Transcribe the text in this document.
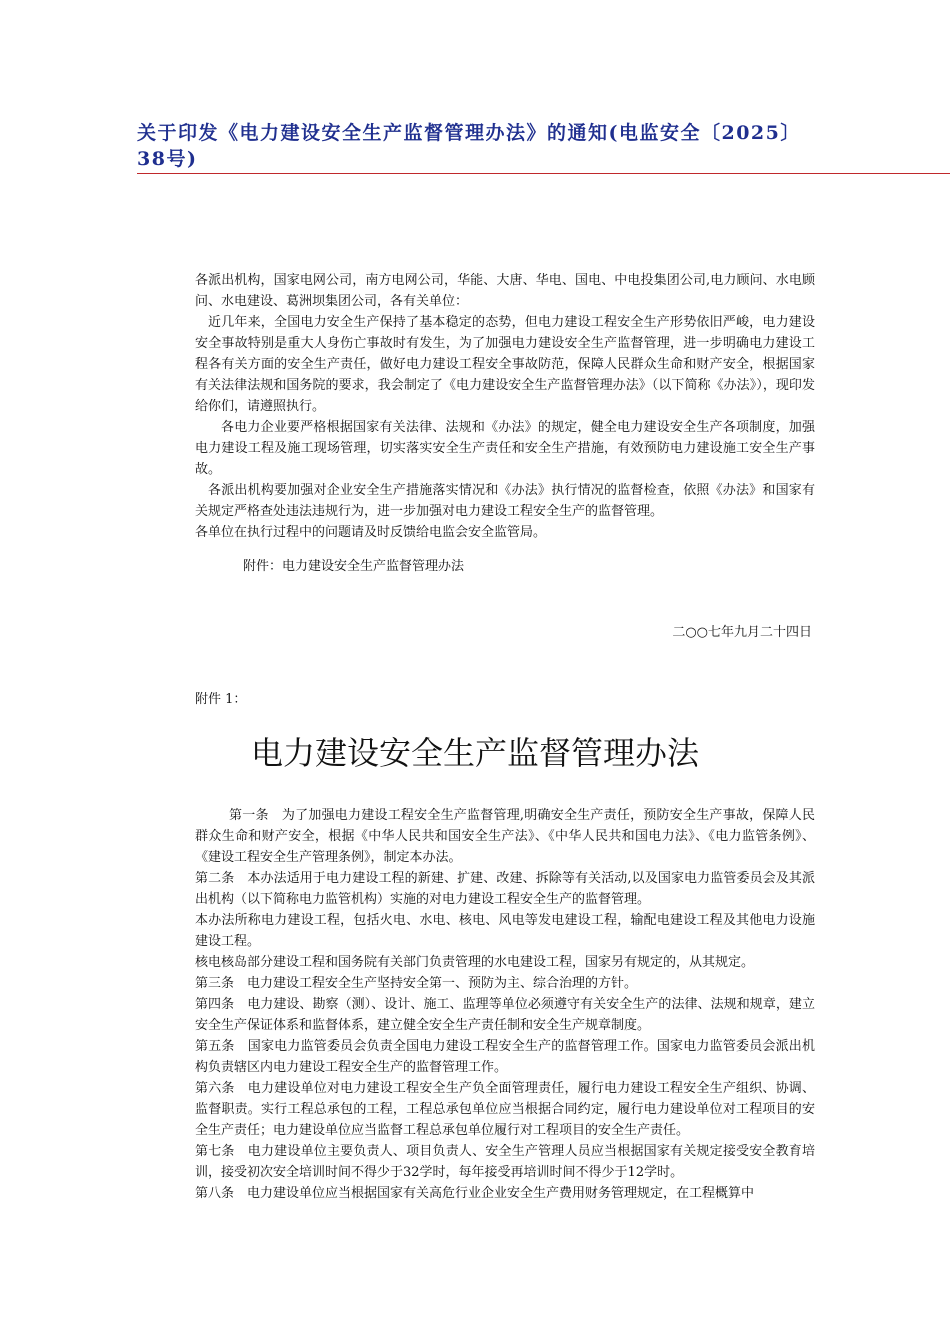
关于印发《电力建设安全生产监督管理办法》的通知(电监安全〔2025〕38号)

各派出机构，国家电网公司，南方电网公司，华能、大唐、华电、国电、中电投集团公司,电力顾问、水电顾问、水电建设、葛洲坝集团公司，各有关单位：

近几年来，全国电力安全生产保持了基本稳定的态势，但电力建设工程安全生产形势依旧严峻，电力建设安全事故特别是重大人身伤亡事故时有发生，为了加强电力建设安全生产监督管理，进一步明确电力建设工程各有关方面的安全生产责任，做好电力建设工程安全事故防范，保障人民群众生命和财产安全，根据国家有关法律法规和国务院的要求，我会制定了《电力建设安全生产监督管理办法》（以下简称《办法》），现印发给你们，请遵照执行。

各电力企业要严格根据国家有关法律、法规和《办法》的规定，健全电力建设安全生产各项制度，加强电力建设工程及施工现场管理，切实落实安全生产责任和安全生产措施，有效预防电力建设施工安全生产事故。

各派出机构要加强对企业安全生产措施落实情况和《办法》执行情况的监督检查，依照《办法》和国家有关规定严格查处违法违规行为，进一步加强对电力建设工程安全生产的监督管理。

各单位在执行过程中的问题请及时反馈给电监会安全监管局。

附件：电力建设安全生产监督管理办法
二○○七年九月二十四日
附件 1：
电力建设安全生产监督管理办法

第一条　为了加强电力建设工程安全生产监督管理,明确安全生产责任，预防安全生产事故，保障人民群众生命和财产安全，根据《中华人民共和国安全生产法》、《中华人民共和国电力法》、《电力监管条例》、《建设工程安全生产管理条例》，制定本办法。

第二条　本办法适用于电力建设工程的新建、扩建、改建、拆除等有关活动,以及国家电力监管委员会及其派出机构（以下简称电力监管机构）实施的对电力建设工程安全生产的监督管理。

本办法所称电力建设工程，包括火电、水电、核电、风电等发电建设工程，输配电建设工程及其他电力设施建设工程。

核电核岛部分建设工程和国务院有关部门负责管理的水电建设工程，国家另有规定的，从其规定。

第三条　电力建设工程安全生产坚持安全第一、预防为主、综合治理的方针。

第四条　电力建设、勘察（测）、设计、施工、监理等单位必须遵守有关安全生产的法律、法规和规章，建立安全生产保证体系和监督体系，建立健全安全生产责任制和安全生产规章制度。

第五条　国家电力监管委员会负责全国电力建设工程安全生产的监督管理工作。国家电力监管委员会派出机构负责辖区内电力建设工程安全生产的监督管理工作。

第六条　电力建设单位对电力建设工程安全生产负全面管理责任，履行电力建设工程安全生产组织、协调、监督职责。实行工程总承包的工程，工程总承包单位应当根据合同约定，履行电力建设单位对工程项目的安全生产责任；电力建设单位应当监督工程总承包单位履行对工程项目的安全生产责任。

第七条　电力建设单位主要负责人、项目负责人、安全生产管理人员应当根据国家有关规定接受安全教育培训，接受初次安全培训时间不得少于32学时，每年接受再培训时间不得少于12学时。

第八条　电力建设单位应当根据国家有关高危行业企业安全生产费用财务管理规定，在工程概算中
